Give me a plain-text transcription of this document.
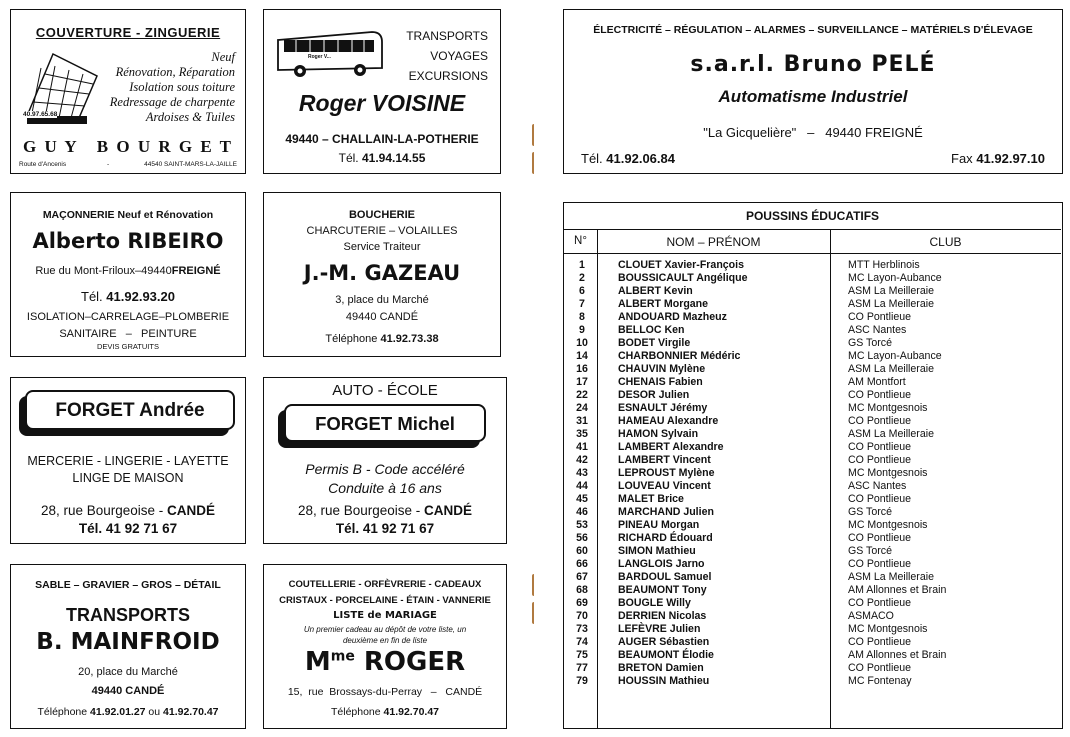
COUVERTURE - ZINGUERIE
40.97.65.68
Neuf
Rénovation, Réparation
Isolation sous toiture
Redressage de charpente
Ardoises & Tuiles
G U Y   B O U R G E T
Route d'Ancenis	-	44540 SAINT-MARS-LA-JAILLE
Roger V...
TRANSPORTS
VOYAGES
EXCURSIONS
Roger VOISINE
49440 – CHALLAIN-LA-POTHERIE
Tél. 41.94.14.55
ÉLECTRICITÉ – RÉGULATION – ALARMES – SURVEILLANCE – MATÉRIELS D'ÉLEVAGE
s.a.r.l. Bruno PELÉ
Automatisme Industriel
"La Gicquelière" – 49440 FREIGNÉ
Tél. 41.92.06.84	Fax 41.92.97.10
MAÇONNERIE Neuf et Rénovation
Alberto RIBEIRO
Rue du Mont-Friloux–49440FREIGNÉ
Tél. 41.92.93.20
ISOLATION–CARRELAGE–PLOMBERIE
SANITAIRE   –   PEINTURE
DEVIS GRATUITS
BOUCHERIE
CHARCUTERIE – VOLAILLES
Service Traiteur
J.-M. GAZEAU
3, place du Marché
49440 CANDÉ
Téléphone 41.92.73.38
FORGET Andrée
MERCERIE - LINGERIE - LAYETTE
LINGE DE MAISON
28, rue Bourgeoise - CANDÉ
Tél. 41 92 71 67
AUTO - ÉCOLE
FORGET Michel
Permis B - Code accéléré
Conduite à 16 ans
28, rue Bourgeoise - CANDÉ
Tél. 41 92 71 67
SABLE – GRAVIER – GROS – DÉTAIL
TRANSPORTS
B. MAINFROID
20, place du Marché
49440 CANDÉ
Téléphone 41.92.01.27 ou 41.92.70.47
COUTELLERIE - ORFÈVRERIE - CADEAUX
CRISTAUX - PORCELAINE - ÉTAIN - VANNERIE
LISTE de MARIAGE
Un premier cadeau au dépôt de votre liste, un
deuxième en fin de liste
$M^{me}$ ROGER
15,  rue  Brossays-du-Perray – CANDÉ
Téléphone 41.92.70.47
POUSSINS ÉDUCATIFS
N°	NOM – PRÉNOM	CLUB
1	CLOUET Xavier-François	MTT Herblinois
2	BOUSSICAULT Angélique	MC Layon-Aubance
6	ALBERT Kevin	ASM La Meilleraie
7	ALBERT Morgane	ASM La Meilleraie
8	ANDOUARD Mazheuz	CO Pontlieue
9	BELLOC Ken	ASC Nantes
10	BODET Virgile	GS Torcé
14	CHARBONNIER Médéric	MC Layon-Aubance
16	CHAUVIN Mylène	ASM La Meilleraie
17	CHENAIS Fabien	AM Montfort
22	DESOR Julien	CO Pontlieue
24	ESNAULT Jérémy	MC Montgesnois
31	HAMEAU Alexandre	CO Pontlieue
35	HAMON Sylvain	ASM La Meilleraie
41	LAMBERT Alexandre	CO Pontlieue
42	LAMBERT Vincent	CO Pontlieue
43	LEPROUST Mylène	MC Montgesnois
44	LOUVEAU Vincent	ASC Nantes
45	MALET Brice	CO Pontlieue
46	MARCHAND Julien	GS Torcé
53	PINEAU Morgan	MC Montgesnois
56	RICHARD Édouard	CO Pontlieue
60	SIMON Mathieu	GS Torcé
66	LANGLOIS Jarno	CO Pontlieue
67	BARDOUL Samuel	ASM La Meilleraie
68	BEAUMONT Tony	AM Allonnes et Brain
69	BOUGLE Willy	CO Pontlieue
70	DERRIEN Nicolas	ASMACO
73	LEFÈVRE Julien	MC Montgesnois
74	AUGER Sébastien	CO Pontlieue
75	BEAUMONT Élodie	AM Allonnes et Brain
77	BRETON Damien	CO Pontlieue
79	HOUSSIN Mathieu	MC Fontenay
